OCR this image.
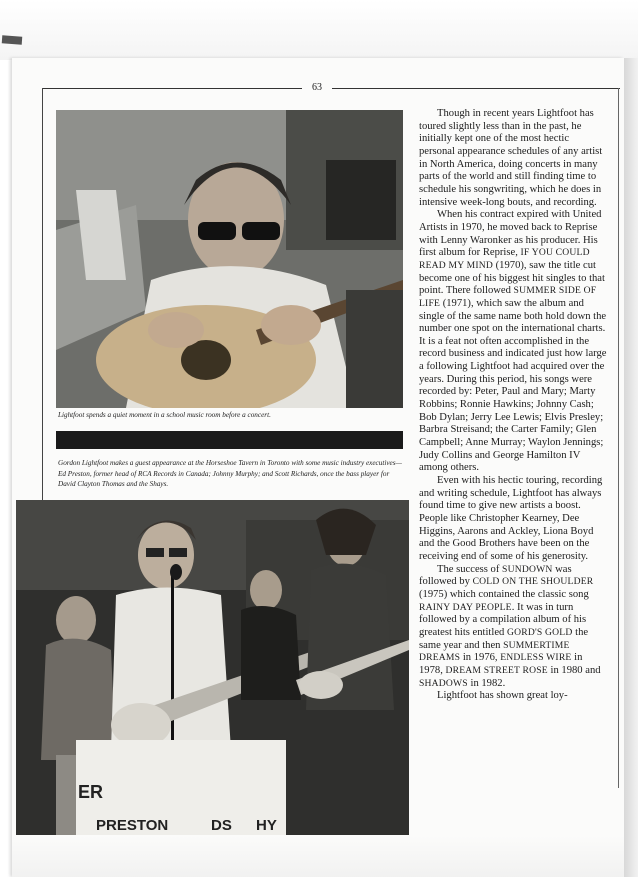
63
Lightfoot spends a quiet moment in a school music room before a concert.
Gordon Lightfoot makes a guest appearance at the Horseshoe Tavern in Toronto with some music industry executives—Ed Preston, former head of RCA Records in Canada; Johnny Murphy; and Scott Richards, once the bass player for David Clayton Thomas and the Shays.
ER
PRESTON	DS HY

Though in recent years Lightfoot has toured slightly less than in the past, he initially kept one of the most hectic personal appearance schedules of any artist in North America, doing concerts in many parts of the world and still finding time to schedule his songwriting, which he does in intensive week-long bouts, and recording.

When his contract expired with United Artists in 1970, he moved back to Reprise with Lenny Waronker as his producer. His first album for Reprise, IF YOU COULD READ MY MIND (1970), saw the title cut become one of his biggest hit singles to that point. There followed SUMMER SIDE OF LIFE (1971), which saw the album and single of the same name both hold down the number one spot on the international charts. It is a feat not often accomplished in the record business and indicated just how large a following Lightfoot had acquired over the years. During this period, his songs were recorded by: Peter, Paul and Mary; Marty Robbins; Ronnie Hawkins; Johnny Cash; Bob Dylan; Jerry Lee Lewis; Elvis Presley; Barbra Streisand; the Carter Family; Glen Campbell; Anne Murray; Waylon Jennings; Judy Collins and George Hamilton IV among others.

Even with his hectic touring, recording and writing schedule, Lightfoot has always found time to give new artists a boost. People like Christopher Kearney, Dee Higgins, Aarons and Ackley, Liona Boyd and the Good Brothers have been on the receiving end of some of his generosity.

The success of SUNDOWN was followed by COLD ON THE SHOULDER (1975) which contained the classic song RAINY DAY PEOPLE. It was in turn followed by a compilation album of his greatest hits entitled GORD'S GOLD the same year and then SUMMERTIME DREAMS in 1976, ENDLESS WIRE in 1978, DREAM STREET ROSE in 1980 and SHADOWS in 1982.

Lightfoot has shown great loy-
